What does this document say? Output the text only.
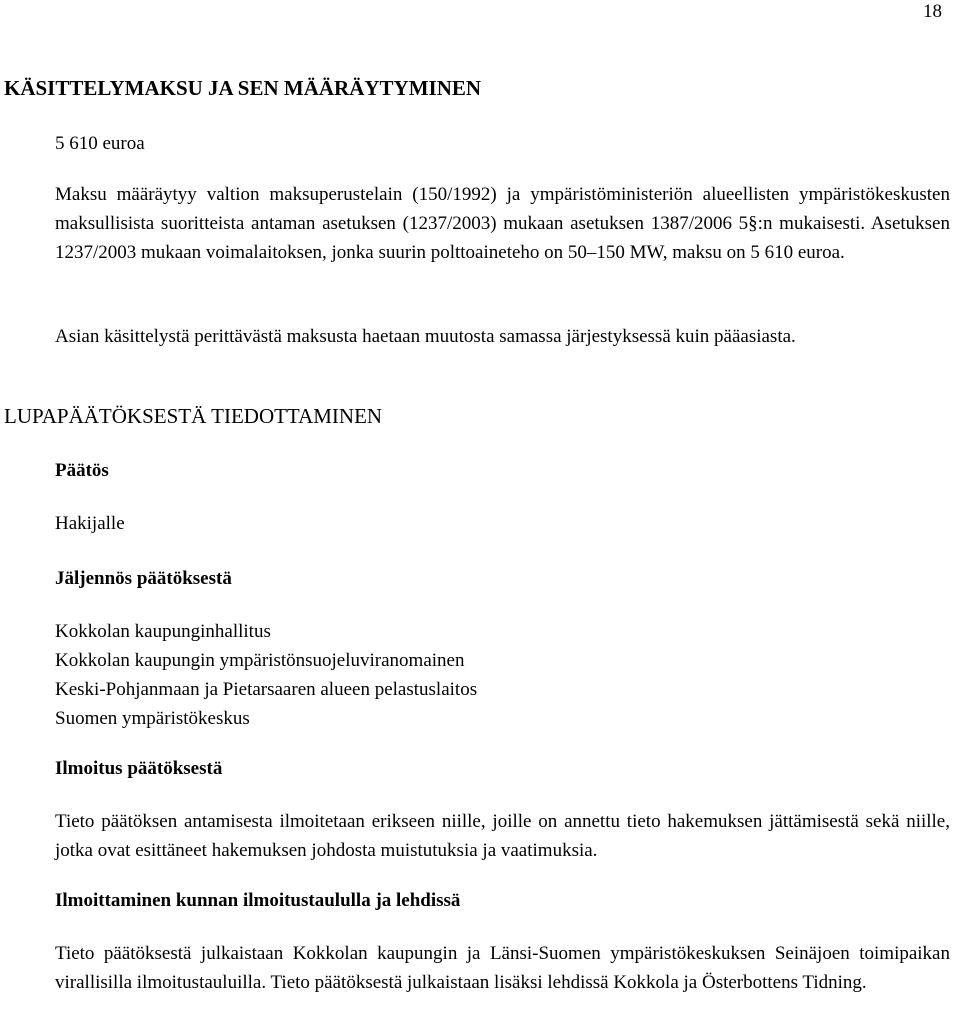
18
KÄSITTELYMAKSU JA SEN MÄÄRÄYTYMINEN

5 610 euroa

Maksu määräytyy valtion maksuperustelain (150/1992) ja ympäristöministeriön alueellisten ympäristökeskusten maksullisista suoritteista antaman asetuksen (1237/2003) mukaan asetuksen 1387/2006 5§:n mukaisesti. Asetuksen 1237/2003 mukaan voimalaitoksen, jonka suurin polttoaineteho on 50–150 MW, maksu on 5 610 euroa.

Asian käsittelystä perittävästä maksusta haetaan muutosta samassa järjestyksessä kuin pääasiasta.

LUPAPÄÄTÖKSESTÄ TIEDOTTAMINEN

Päätös

Hakijalle

Jäljennös päätöksestä

Kokkolan kaupunginhallitus
Kokkolan kaupungin ympäristönsuojeluviranomainen
Keski-Pohjanmaan ja Pietarsaaren alueen pelastuslaitos
Suomen ympäristökeskus

Ilmoitus päätöksestä

Tieto päätöksen antamisesta ilmoitetaan erikseen niille, joille on annettu tieto hakemuksen jättämisestä sekä niille, jotka ovat esittäneet hakemuksen johdosta muistutuksia ja vaatimuksia.

Ilmoittaminen kunnan ilmoitustaululla ja lehdissä

Tieto päätöksestä julkaistaan Kokkolan kaupungin ja Länsi-Suomen ympäristökeskuksen Seinäjoen toimipaikan virallisilla ilmoitustauluilla. Tieto päätöksestä julkaistaan lisäksi lehdissä Kokkola ja Österbottens Tidning.
